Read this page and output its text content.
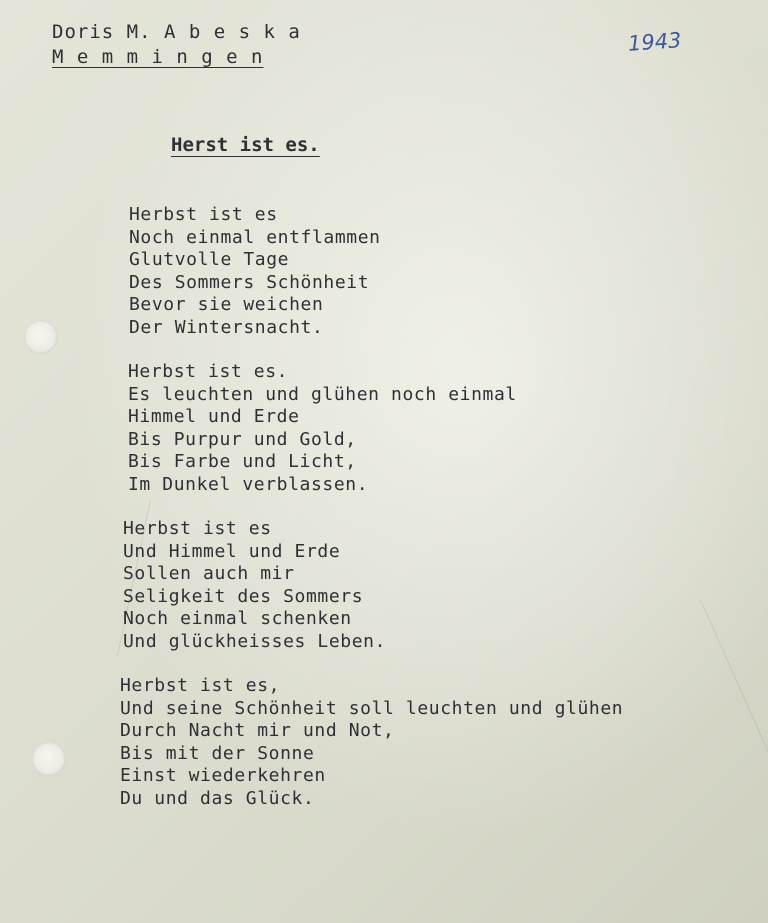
Doris M. A b e s k a
M e m m i n g e n
1943
Herst ist es.
Herbst ist es
Noch einmal entflammen
Glutvolle Tage
Des Sommers Schönheit
Bevor sie weichen
Der Wintersnacht.
Herbst ist es.
Es leuchten und glühen noch einmal
Himmel und Erde
Bis Purpur und Gold,
Bis Farbe und Licht,
Im Dunkel verblassen.
Herbst ist es
Und Himmel und Erde
Sollen auch mir
Seligkeit des Sommers
Noch einmal schenken
Und glückheisses Leben.
Herbst ist es,
Und seine Schönheit soll leuchten und glühen
Durch Nacht mir und Not,
Bis mit der Sonne
Einst wiederkehren
Du und das Glück.
